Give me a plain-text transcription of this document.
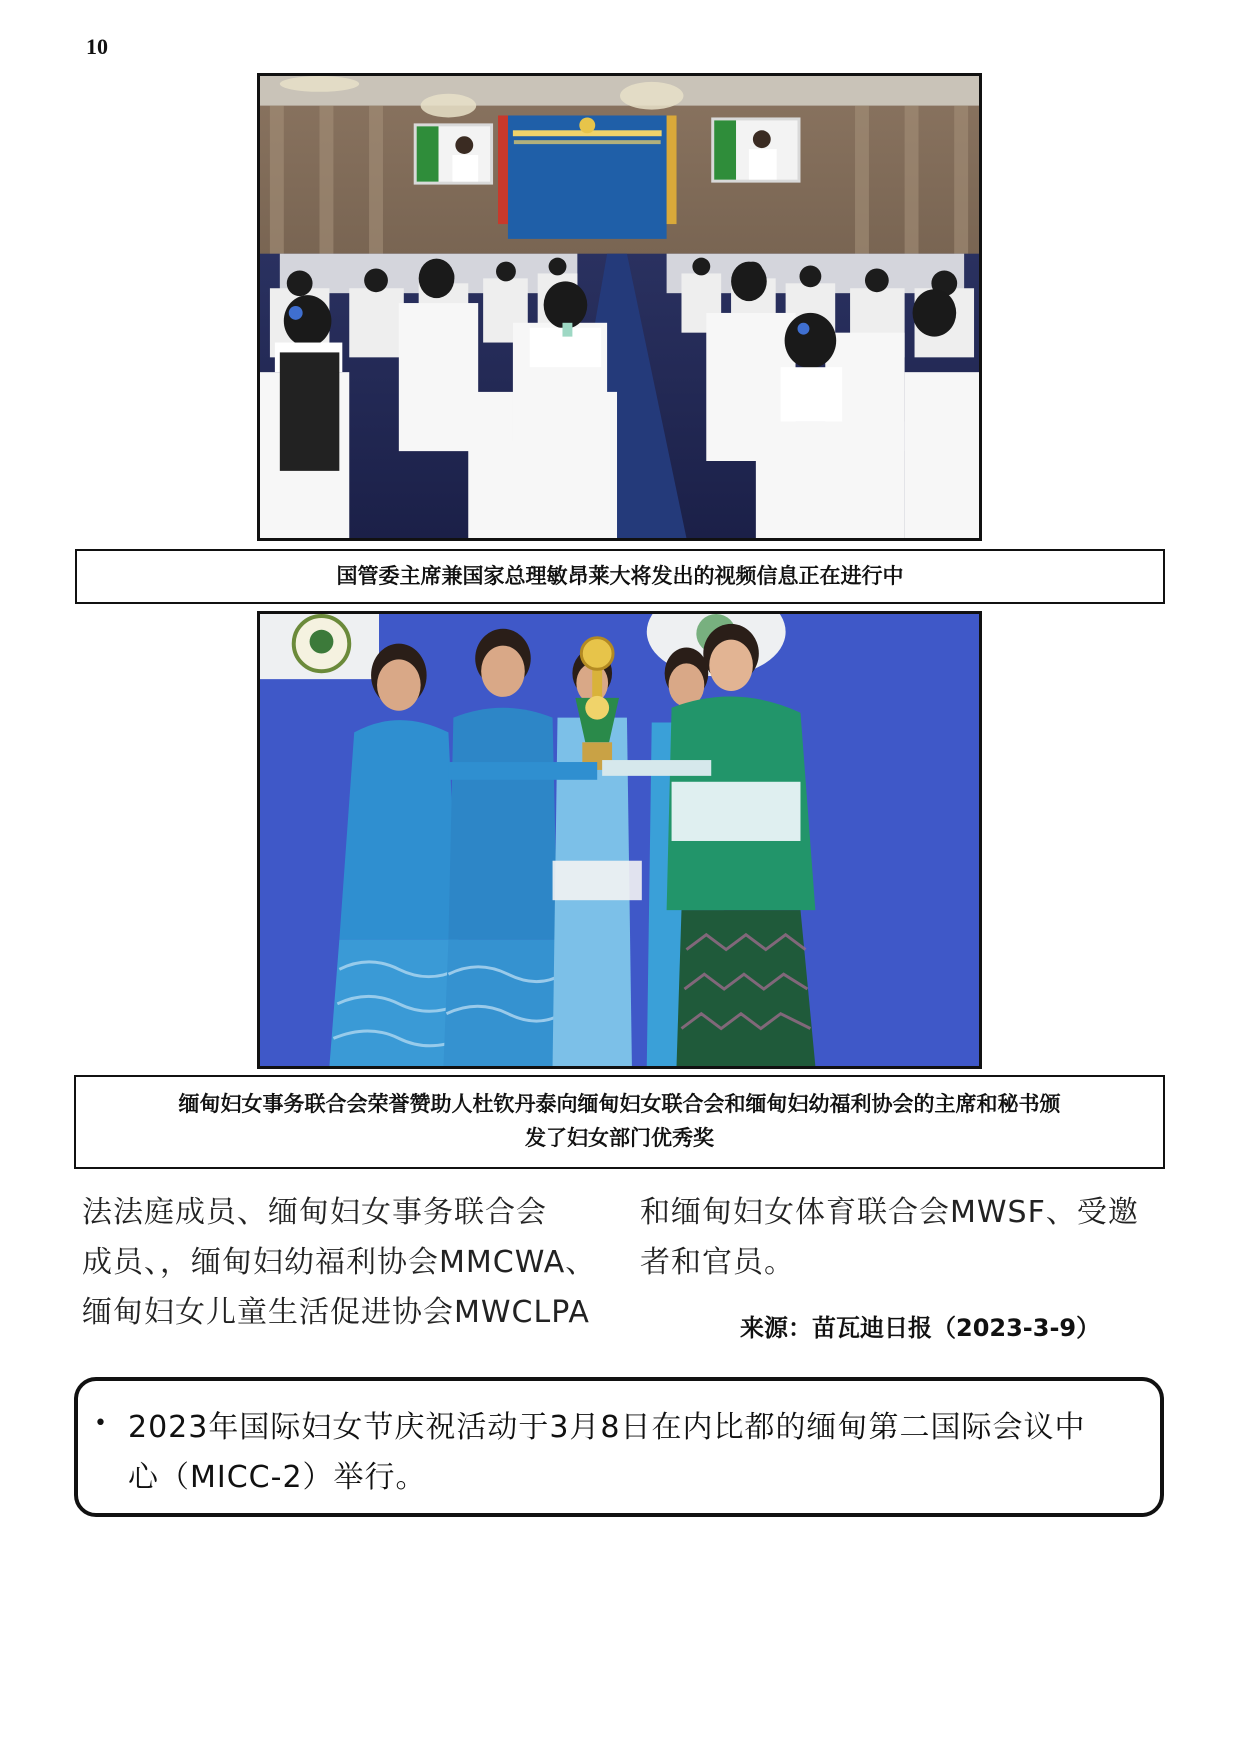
10
国管委主席兼国家总理敏昂莱大将发出的视频信息正在进行中
缅甸妇女事务联合会荣誉赞助人杜钦丹泰向缅甸妇女联合会和缅甸妇幼福利协会的主席和秘书颁
发了妇女部门优秀奖

法法庭成员、缅甸妇女事务联合会

成员、，缅甸妇幼福利协会MMCWA、

缅甸妇女儿童生活促进协会MWCLPA

和缅甸妇女体育联合会MWSF、受邀

者和官员。

来源：苗瓦迪日报（2023-3-9）
• 2023年国际妇女节庆祝活动于3月8日在内比都的缅甸第二国际会议中
心（MICC-2）举行。
